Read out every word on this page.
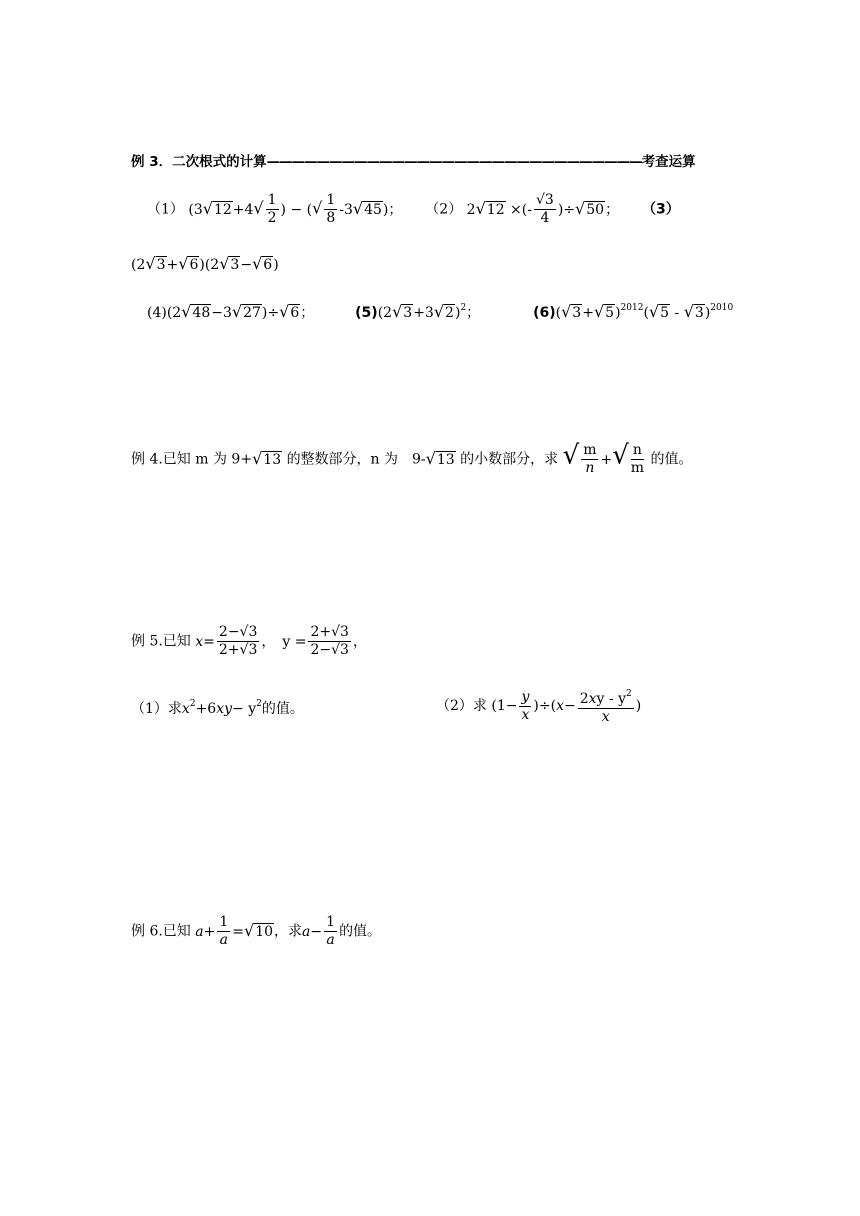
例 3．二次根式的计算——————————————————————————————考查运算
（1） ($3√12+4√ \frac{1}{2}$ ) − (√ $\frac{1}{8} -3√45$)； （2） 2√12 ×(- $\frac{√3}{4} )\div√50$； （3）
(2√3+√6)(2√3−√6)
(4)(2√48−3√27)÷√6；	$(5)(2√3+3√2)^2$；	$(6)(√3+√5)^{2012}(√5 - √3)^{2010}$
例 4.已知 m 为 9+√13 的整数部分，n 为　9-√13 的小数部分，求 √ $\frac{m}{n}$ +√ $\frac{n}{m}$ 的值。
例 5.已知 $x= \frac{2-√3}{2+√3}$ ，　$y = \frac{2+√3}{2-√3}$ ，
（1）求$x^2+6xy- y^2$的值。	（2）求 $(1- \frac{y}{x} )\div(x- \frac{2xy - y^2}{x}$ )
例 6.已知 $a+ \frac{1}{a} =√10$，求$a- \frac{1}{a}$ 的值。
